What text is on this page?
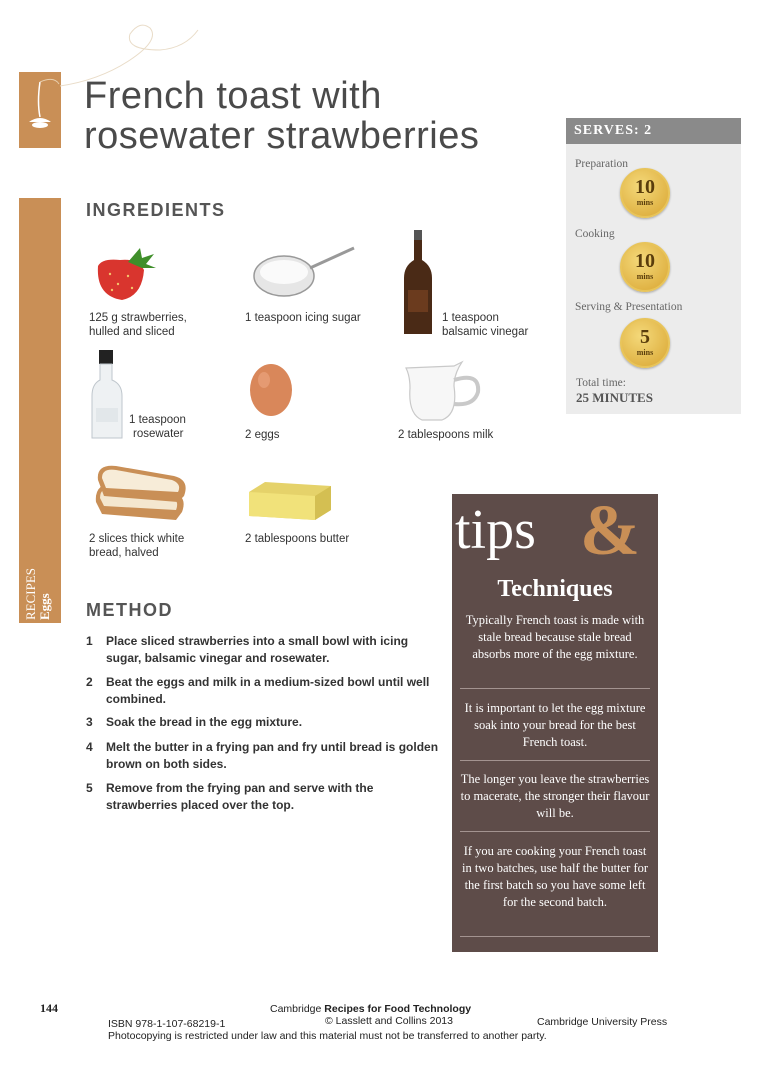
RECIPES Eggs
French toast with
rosewater strawberries
INGREDIENTS
125 g strawberries,
hulled and sliced
1 teaspoon icing sugar	1 teaspoon
balsamic vinegar
1 teaspoon
rosewater	2 eggs	2 tablespoons milk
2 slices thick white
bread, halved
2 tablespoons butter
SERVES: 2
Preparation
10
mins
Cooking
10
mins
Serving & Presentation
5
mins
Total time:
25 MINUTES
METHOD
1	Place sliced strawberries into a small bowl with icing sugar, balsamic vinegar and rosewater.
2	Beat the eggs and milk in a medium-sized bowl until well combined.
3	Soak the bread in the egg mixture.
4	Melt the butter in a frying pan and fry until bread is golden brown on both sides.
5	Remove from the frying pan and serve with the strawberries placed over the top.
tips &
Techniques
Typically French toast is made with stale bread because stale bread absorbs more of the egg mixture.
It is important to let the egg mixture soak into your bread for the best French toast.
The longer you leave the strawberries to macerate, the stronger their flavour will be.
If you are cooking your French toast in two batches, use half the butter for the first batch so you have some left for the second batch.
144	Cambridge Recipes for Food Technology
ISBN 978-1-107-68219-1	© Lasslett and Collins 2013	Cambridge University Press
Photocopying is restricted under law and this material must not be transferred to another party.
